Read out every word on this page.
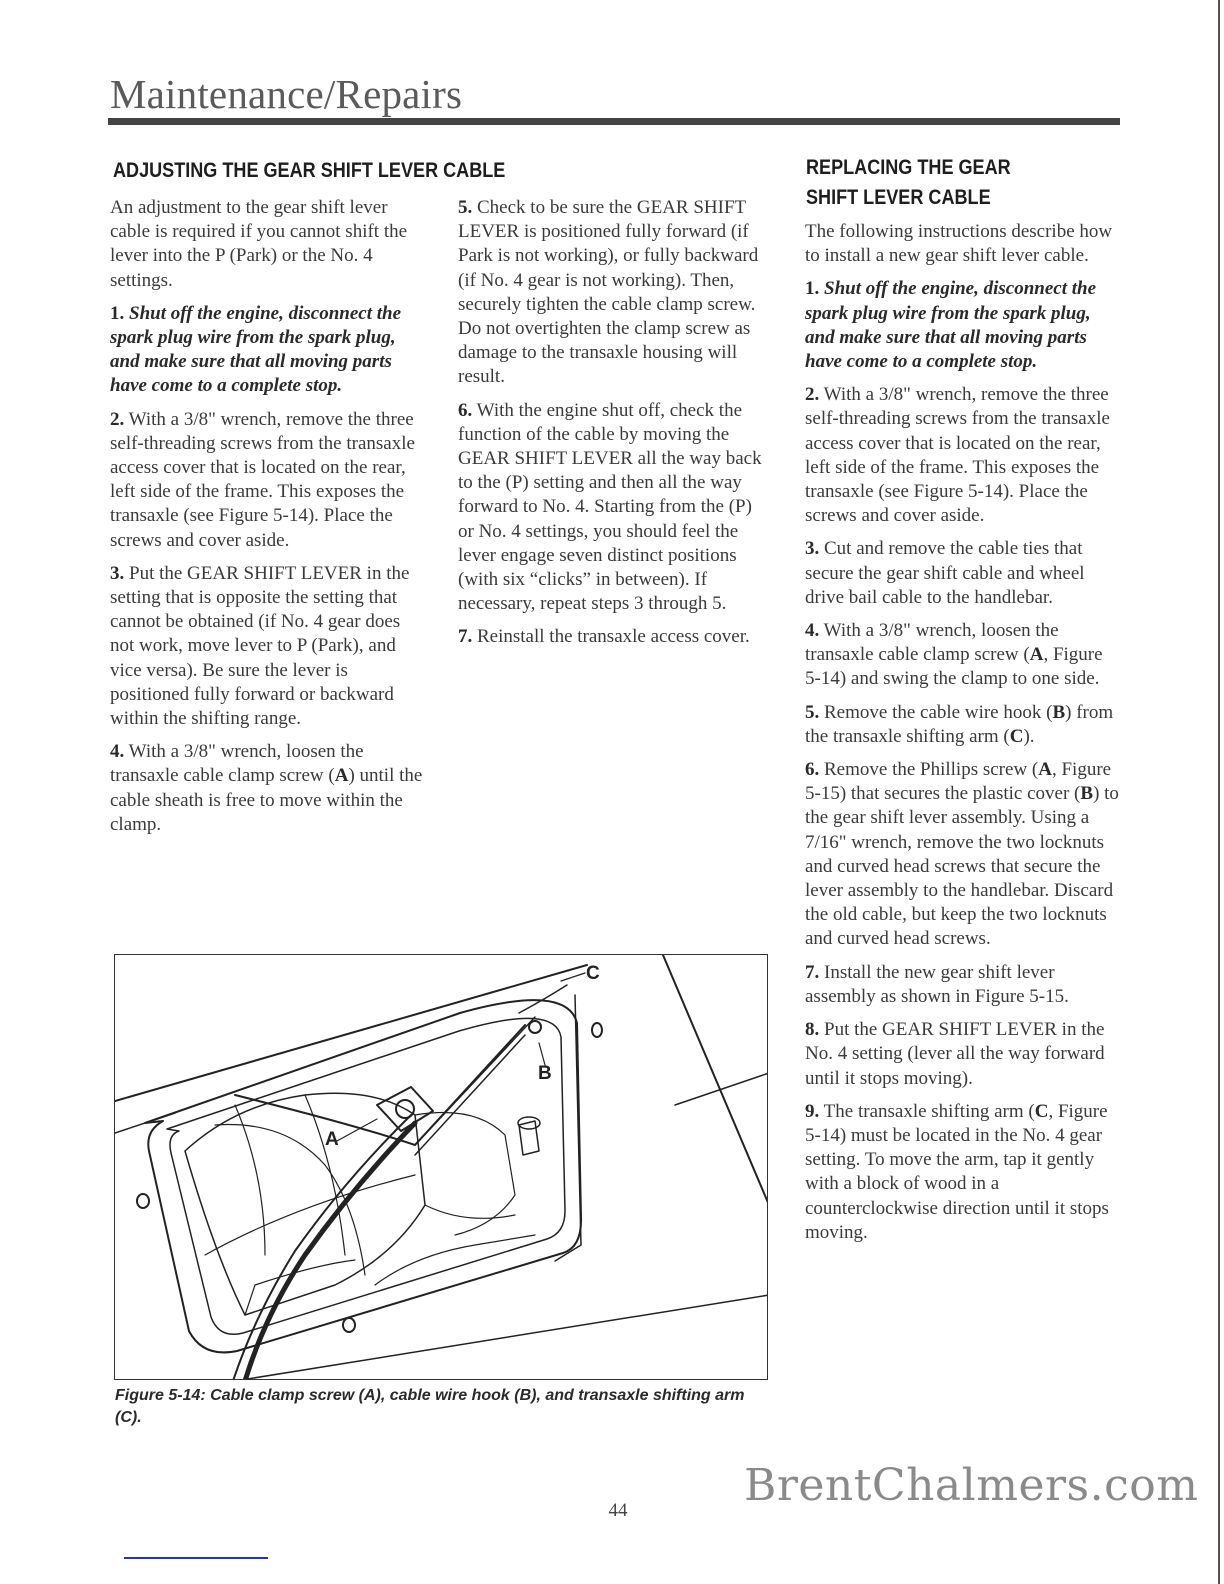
Maintenance/Repairs
ADJUSTING THE GEAR SHIFT LEVER CABLE

An adjustment to the gear shift lever cable is required if you cannot shift the lever into the P (Park) or the No. 4 settings.

1. Shut off the engine, disconnect the spark plug wire from the spark plug, and make sure that all moving parts have come to a complete stop.

2. With a 3/8" wrench, remove the three self-threading screws from the transaxle access cover that is located on the rear, left side of the frame. This exposes the transaxle (see Figure 5-14). Place the screws and cover aside.

3. Put the GEAR SHIFT LEVER in the setting that is opposite the setting that cannot be obtained (if No. 4 gear does not work, move lever to P (Park), and vice versa). Be sure the lever is positioned fully forward or backward within the shifting range.

4. With a 3/8" wrench, loosen the transaxle cable clamp screw (A) until the cable sheath is free to move within the clamp.

5. Check to be sure the GEAR SHIFT LEVER is positioned fully forward (if Park is not working), or fully backward (if No. 4 gear is not working). Then, securely tighten the cable clamp screw. Do not overtighten the clamp screw as damage to the transaxle housing will result.

6. With the engine shut off, check the function of the cable by moving the GEAR SHIFT LEVER all the way back to the (P) setting and then all the way forward to No. 4. Starting from the (P) or No. 4 settings, you should feel the lever engage seven distinct positions (with six “clicks” in between). If necessary, repeat steps 3 through 5.

7. Reinstall the transaxle access cover.

REPLACING THE GEAR
SHIFT LEVER CABLE

The following instructions describe how to install a new gear shift lever cable.

1. Shut off the engine, disconnect the spark plug wire from the spark plug, and make sure that all moving parts have come to a complete stop.

2. With a 3/8" wrench, remove the three self-threading screws from the transaxle access cover that is located on the rear, left side of the frame. This exposes the transaxle (see Figure 5-14). Place the screws and cover aside.

3. Cut and remove the cable ties that secure the gear shift cable and wheel drive bail cable to the handlebar.

4. With a 3/8" wrench, loosen the transaxle cable clamp screw (A, Figure 5-14) and swing the clamp to one side.

5. Remove the cable wire hook (B) from the transaxle shifting arm (C).

6. Remove the Phillips screw (A, Figure 5-15) that secures the plastic cover (B) to the gear shift lever assembly. Using a 7/16" wrench, remove the two locknuts and curved head screws that secure the lever assembly to the handlebar. Discard the old cable, but keep the two locknuts and curved head screws.

7. Install the new gear shift lever assembly as shown in Figure 5-15.

8. Put the GEAR SHIFT LEVER in the No. 4 setting (lever all the way forward until it stops moving).

9. The transaxle shifting arm (C, Figure 5-14) must be located in the No. 4 gear setting. To move the arm, tap it gently with a block of wood in a counterclockwise direction until it stops moving.

A
B
C
Figure 5-14: Cable clamp screw (A), cable wire hook (B), and transaxle shifting arm (C).
BrentChalmers.com
44
